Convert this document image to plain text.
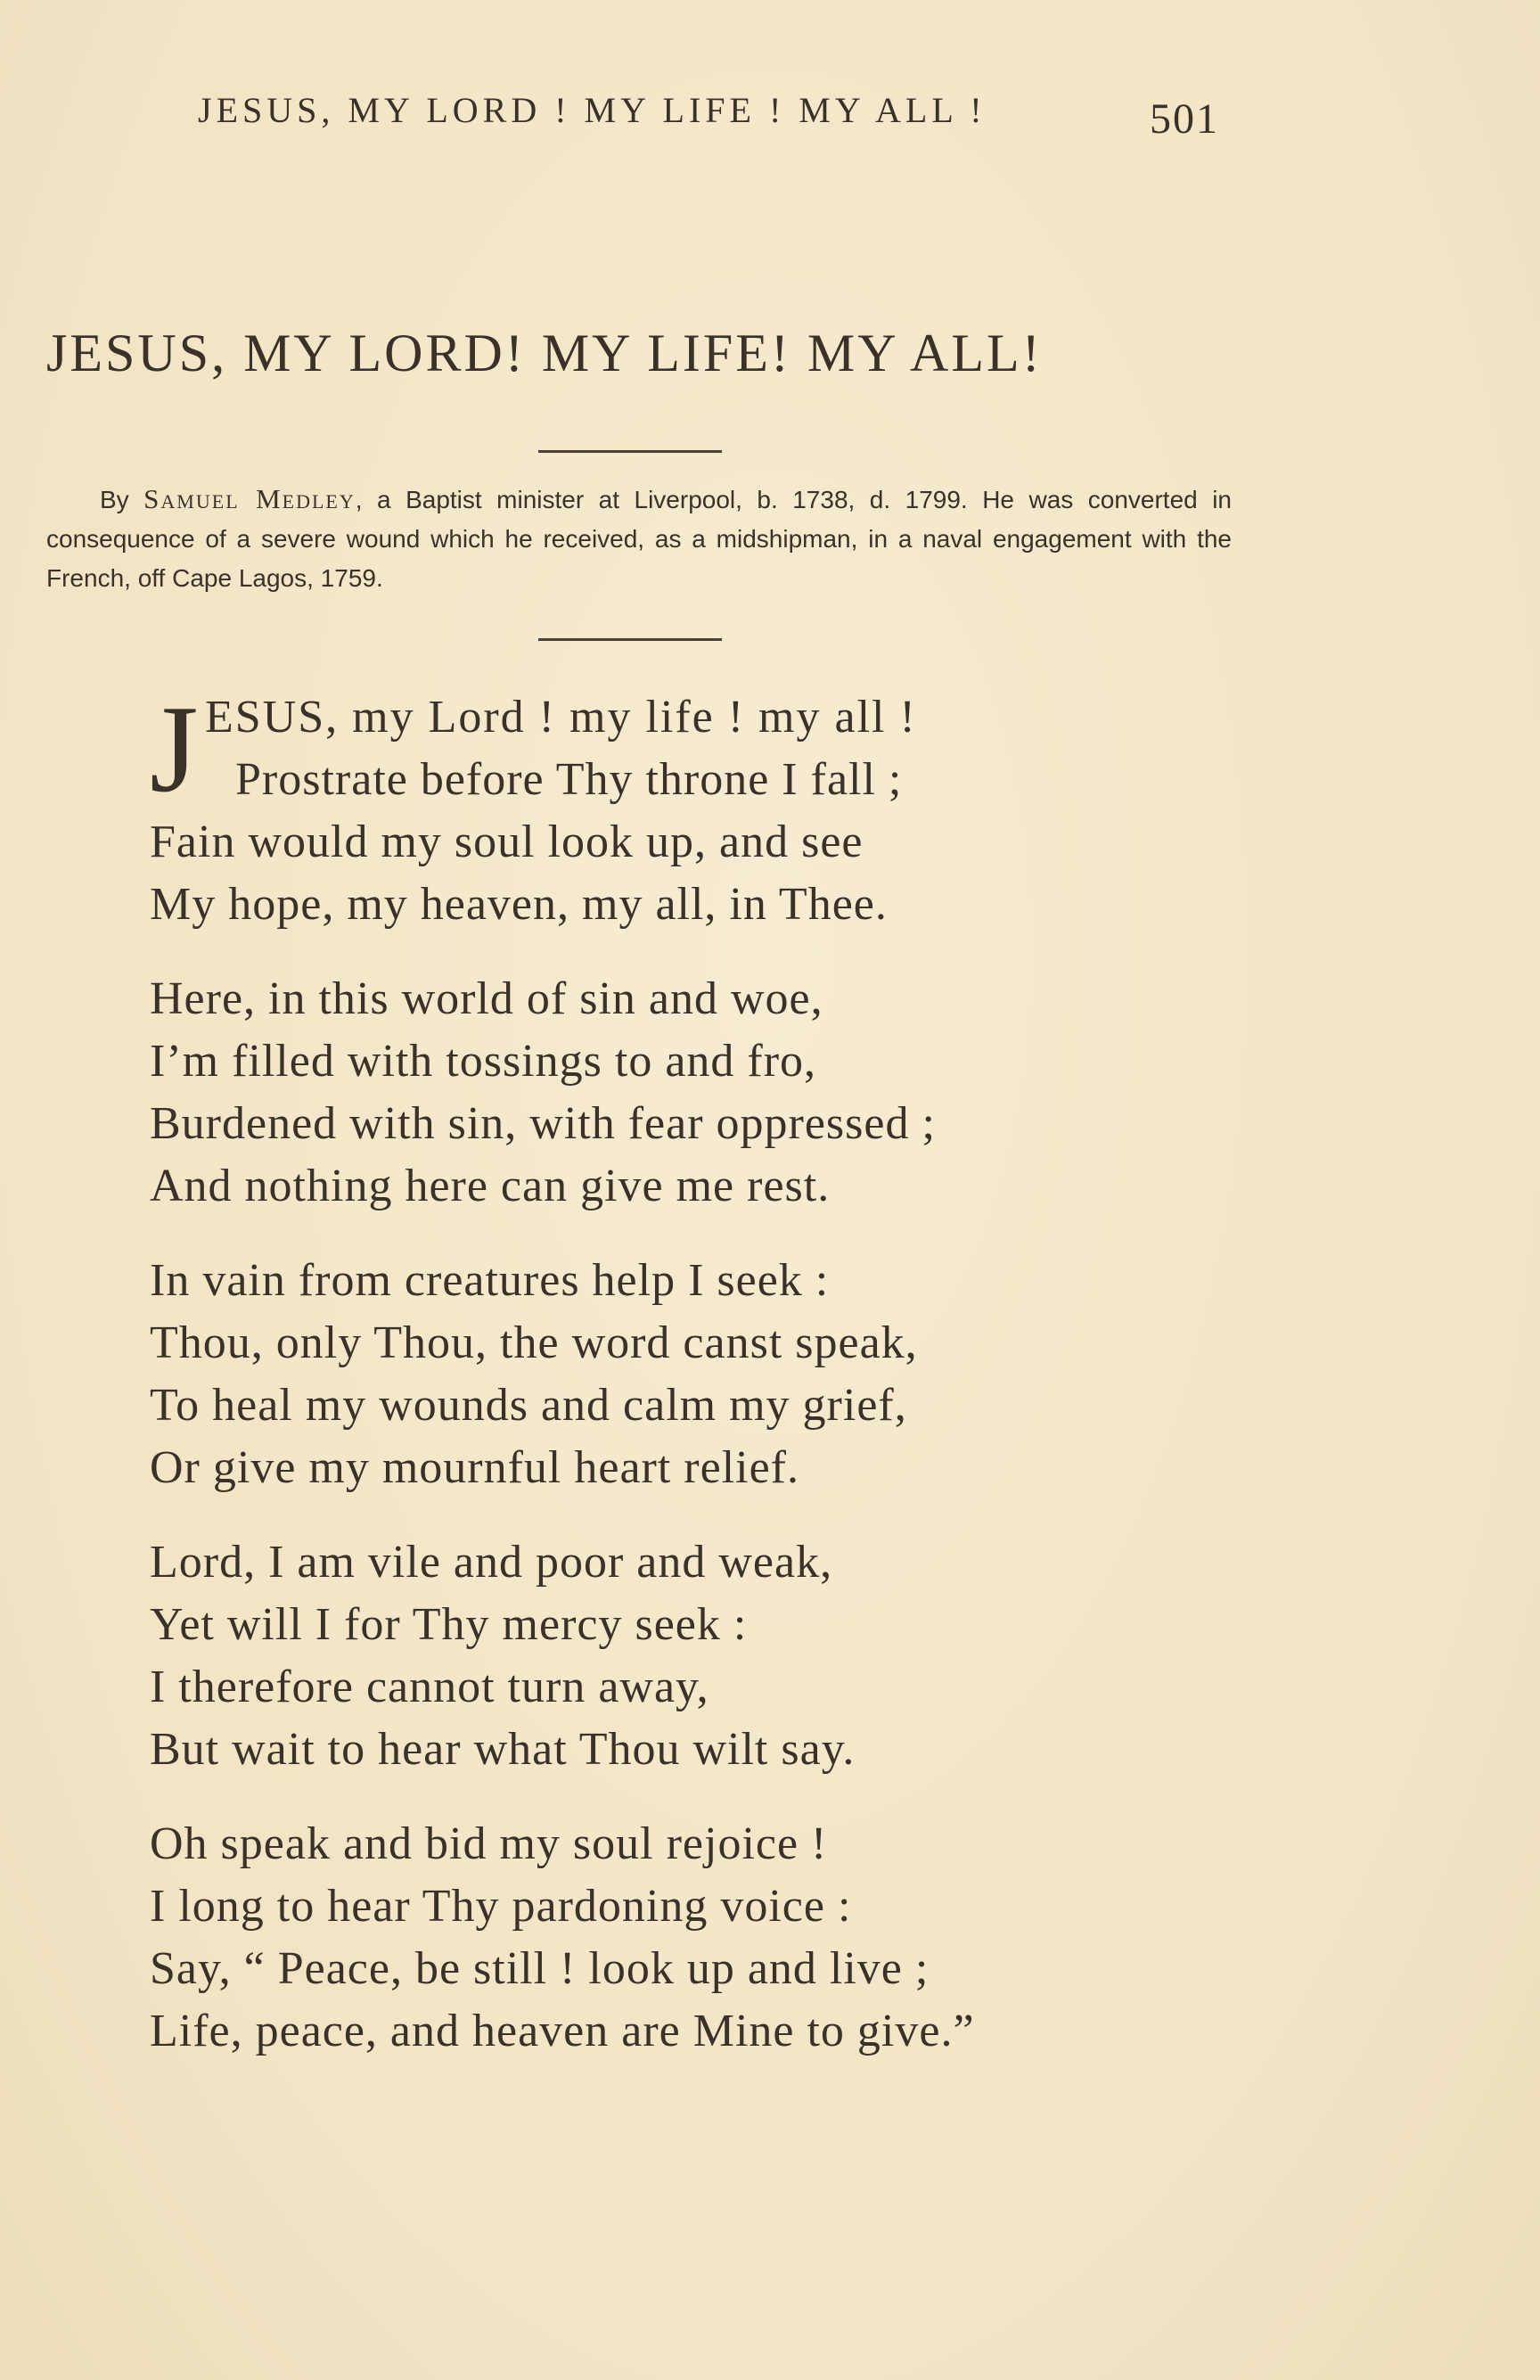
JESUS, MY LORD ! MY LIFE ! MY ALL !	501
JESUS, MY LORD! MY LIFE! MY ALL!
By Samuel Medley, a Baptist minister at Liverpool, b. 1738, d. 1799. He was converted in consequence of a severe wound which he received, as a midshipman, in a naval engagement with the French, off Cape Lagos, 1759.
J ESUS, my Lord ! my life ! my all !
Prostrate before Thy throne I fall ;
Fain would my soul look up, and see
My hope, my heaven, my all, in Thee.
Here, in this world of sin and woe,
I’m filled with tossings to and fro,
Burdened with sin, with fear oppressed ;
And nothing here can give me rest.
In vain from creatures help I seek :
Thou, only Thou, the word canst speak,
To heal my wounds and calm my grief,
Or give my mournful heart relief.
Lord, I am vile and poor and weak,
Yet will I for Thy mercy seek :
I therefore cannot turn away,
But wait to hear what Thou wilt say.
Oh speak and bid my soul rejoice !
I long to hear Thy pardoning voice :
Say, “ Peace, be still ! look up and live ;
Life, peace, and heaven are Mine to give.”
